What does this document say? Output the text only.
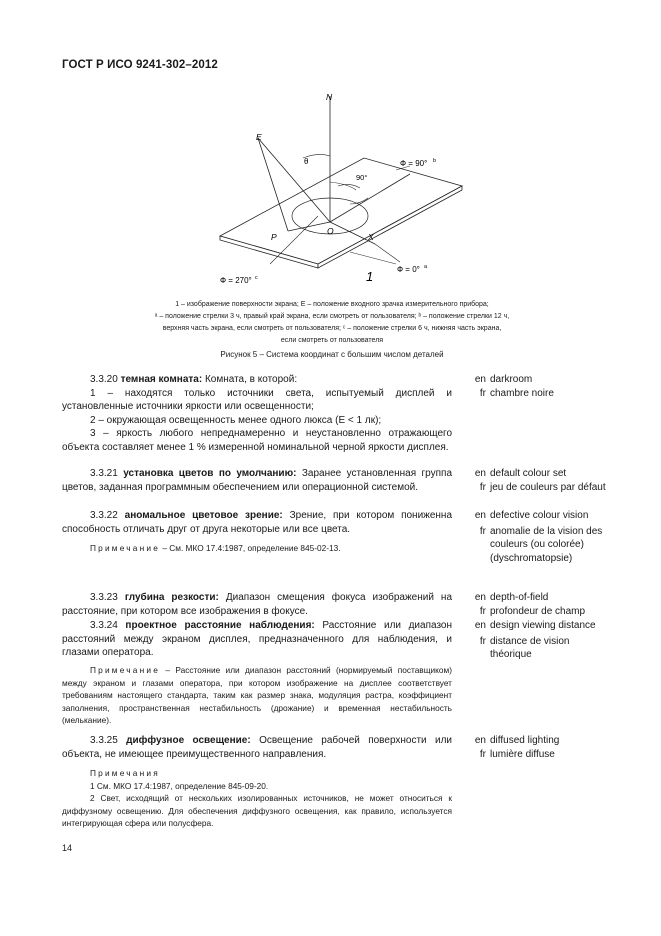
ГОСТ Р ИСО 9241-302–2012
N
E
θ	Ф = 90° b
90°
P
O
X
Ф = 0° a
Ф = 270° c	1
1 – изображение поверхности экрана; E – положение входного зрачка измерительного прибора;
ᵃ – положение стрелки 3 ч, правый край экрана, если смотреть от пользователя; ᵇ – положение стрелки 12 ч,
верхняя часть экрана, если смотреть от пользователя; ᶜ – положение стрелки 6 ч, нижняя часть экрана,
если смотреть от пользователя
Рисунок 5 – Система координат с большим числом деталей

3.3.20 темная комната: Комната, в которой:

1 – находятся только источники света, испытуемый дисплей и установленные источники яркости или освещенности;

2 – окружающая освещенность менее одного люкса (E < 1 лк);

3 – яркость любого непреднамеренно и неустановленно отражающего объекта составляет менее 1 % измеренной номинальной черной яркости дисплея.

en darkroom
fr chambre noire

3.3.21 установка цветов по умолчанию: Заранее установленная группа цветов, заданная программным обеспечением или операционной системой.

en default colour set
fr jeu de couleurs par défaut

3.3.22 аномальное цветовое зрение: Зрение, при котором пониженна способность отличать друг от друга некоторые или все цвета.

Примечание – См. МКО 17.4:1987, определение 845-02-13.

en defective colour vision
fr anomalie de la vision des couleurs (ou colorée) (dyschromatopsie)

3.3.23 глубина резкости: Диапазон смещения фокуса изображений на расстояние, при котором все изображения в фокусе.

en depth-of-field
fr profondeur de champ

3.3.24 проектное расстояние наблюдения: Расстояние или диапазон расстояний между экраном дисплея, предназначенного для наблюдения, и глазами оператора.

Примечание – Расстояние или диапазон расстояний (нормируемый поставщиком) между экраном и глазами оператора, при котором изображение на дисплее соответствует требованиям настоящего стандарта, таким как размер знака, модуляция растра, коэффициент заполнения, пространственная нестабильность (дрожание) и временная нестабильность (мелькание).

en design viewing distance
fr distance de vision théorique

3.3.25 диффузное освещение: Освещение рабочей поверхности или объекта, не имеющее преимущественного направления.

Примечания

1 См. МКО 17.4:1987, определение 845-09-20.

2 Свет, исходящий от нескольких изолированных источников, не может относиться к диффузному освещению. Для обеспечения диффузного освещения, как правило, используется интегрирующая сфера или полусфера.

en diffused lighting
fr lumière diffuse
14
